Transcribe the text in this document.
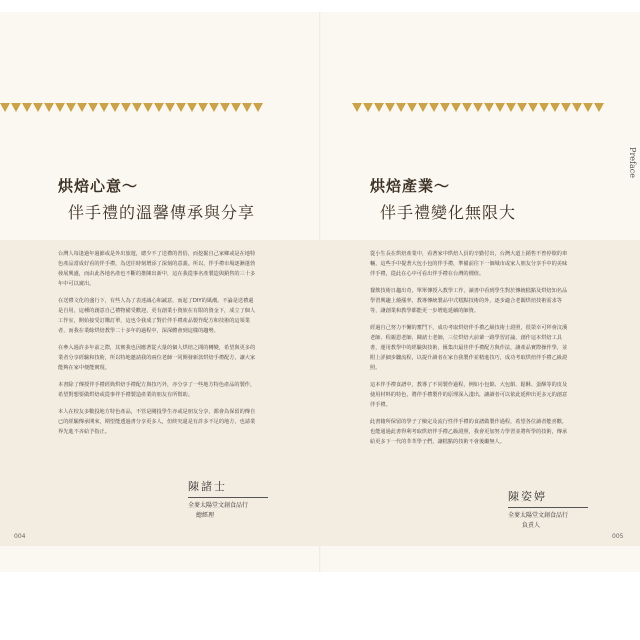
Preface
烘焙心意～
伴手禮的溫馨傳承與分享
烘焙產業～
伴手禮變化無限大

台灣人每逢過年過節或是外出旅遊，總少不了送禮的習俗，而挖掘自己家鄉或是在地特色產品當成好看的伴手禮，為送往時刻增添了深刻的意義。所以，伴手禮市場逐漸蓬勃發展興盛，而由此各地名產也不斷的推陳出新中，這在我從事名產製造與銷售的三十多年中可以窺出。

在送禮文化的盛行下，有些人為了表達誠心和誠意，而起了DIY的風潮。不論是送禮還是自用，這種的創意自己禮物備受歡迎，更有創業小資族在有限的資金下，成立了個人工作室，開始接受訂購訂單，這也令我成了對於伴手禮產品製作配方和技術的這領業者，而我在業餘烘焙教學二十多年的過程中，深深體會到這樣的趨勢。

在參入過許多年前之際，其實我也因應著從大量的個人烘焙之間的轉變，希望與更多的業者分享經驗和技術，所以特地邀請我的兩位老師一同開發新款烘焙手禮配方，讓大家能夠在家中便能實現。

本書除了傳授伴手禮經典烘焙手禮配方與技巧外，亦分享了一些地方特色產品的製作，希望對想要做烘焙或從事伴手禮製造產業的朋友有所幫助。

本人在校友多數投地方特色產品，不管是剛投學生亦或是朋友分享，都會為保留的傳自已的經驗傳承開來，期望能透過書分享更多人，但終究還是有許多不足的地方，也請業界先進不吝給予指正。

從小生長在烘焙產業中，看著家中烘焙人員的辛勤付出，台灣大道上銷售不曾停歇的車輛，這些手中提著大包小包的伴手禮，準備前往下一個城市或家人朋友分享手中的美味伴手禮，從此在心中可看出伴手禮在台灣的價值。

餐飲技術日趨出奇，單單傳授入教學工作，讀書中看到學生對於傳統糕點及烘焙知名品學習興趣上燒漲率，教導傳統製品中式糕點技術的外，逐步適合老闆烘焙技術需求等等，讓創業和教學都能更一步增進延續的師資。

經過自己努力不懈的奮鬥下，成功考取烘焙伴手禮乙級技術士證照，很榮幸可拜會汶溪老師、程親恩老師、陳諸士老師，三位烘焙大前輩一路學習討論，創作這本烘焙工具書，運用教學中的經驗與技術，匯集出最佳伴手禮配方與作法，讓產品實際操作學，並附上詳細步驟流程，以提升讀者在家自我製作並精進技巧，成功考取烘焙伴手禮乙級證照。

這本伴手禮食譜中，教導了不同製作過程，例如小包餡、大包餡、鬆酥、蛋酥等的皮及使用材料的特色，將伴手禮製作的原理深入淺出，讓讀者可以依此延伸出更多元的創意伴手禮。

此書籍所保留的學子了檢定及流行性伴手禮的食譜做製作過程，希望各位讀者能喜歡，也能通過此書得利考取烘焙伴手禮乙級證照，我會更加努力學習並將所學的技術，傳承給更多下一代的莘莘學子們，讓糕點的技術不會後繼無人。

陳諸士
全麥太陽堂文創食品行
總經理
陳姿婷
全麥太陽堂文創食品行
負責人
004	005
